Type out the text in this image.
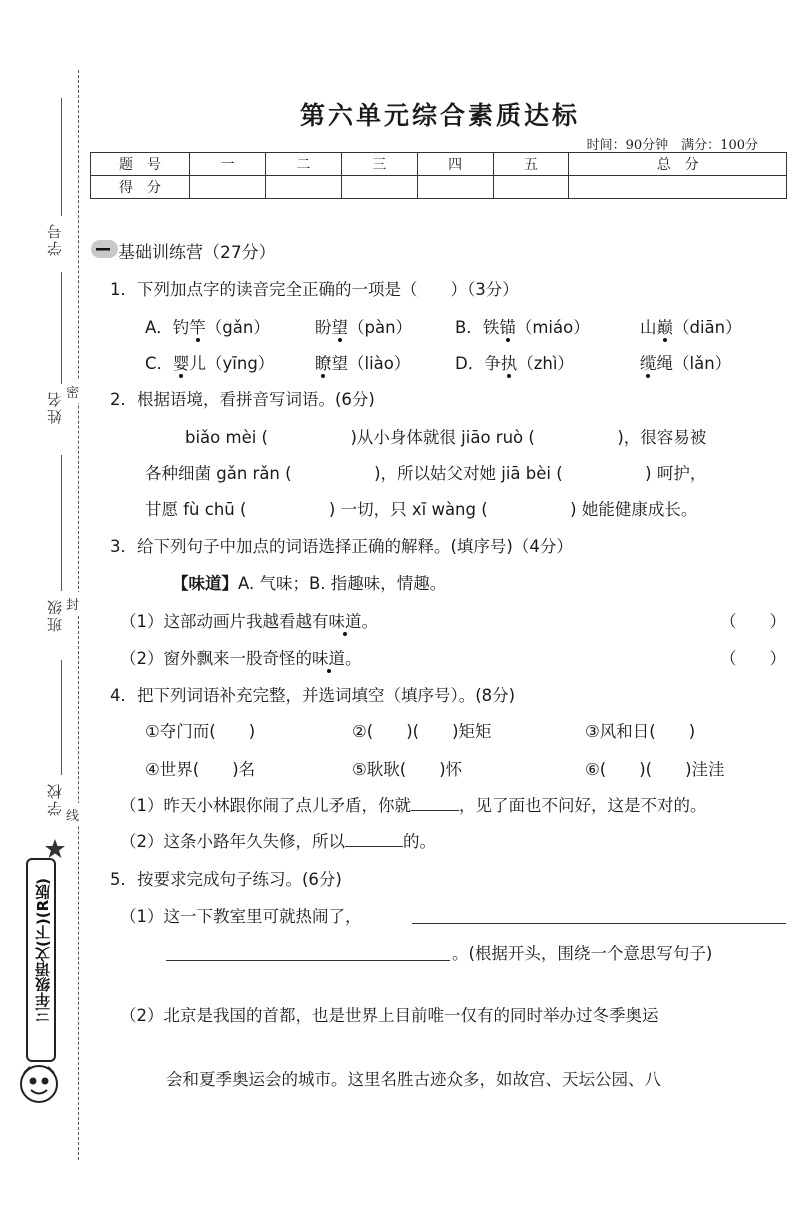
学号
姓名 密
班级 封
学校
线
三年级语文(下)(R版)
第六单元综合素质达标
时间：90分钟　满分：100分
题　号	一	二	三	四	五	总　分
得　分						
基础训练营（27分）
1．下列加点字的读音完全正确的一项是（　　）（3分）
A．钓竿（gǎn）	盼望（pàn）	B．铁锚（miáo）	山巅（diān）
C．婴儿（yīng） 瞭望（liào）	D．争执（zhì）	缆绳（lǎn）
2．根据语境，看拼音写词语。(6分)
biǎo mèi (　　　　　)从小身体就很 jiāo ruò (　　　　　)，很容易被
各种细菌 gǎn rǎn (　　　　　)，所以姑父对她 jiā bèi (　　　　　) 呵护，
甘愿 fù chū (　　　　　) 一切，只 xī wàng (　　　　　) 她能健康成长。
3．给下列句子中加点的词语选择正确的解释。(填序号)（4分）
【味道】A. 气味；B. 指趣味，情趣。
（1）这部动画片我越看越有味道。	（　　）
（2）窗外飘来一股奇怪的味道。	（　　）
4．把下列词语补充完整，并选词填空（填序号）。(8分)
①夺门而(　　)	②(　　)(　　)矩矩	③风和日(　　)
④世界(　　)名	⑤耿耿(　　)怀	⑥(　　)(　　)洼洼
（1）昨天小林跟你闹了点儿矛盾，你就	，见了面也不问好，这是不对的。
（2）这条小路年久失修，所以	的。
5．按要求完成句子练习。(6分)
（1）这一下教室里可就热闹了，
。(根据开头，围绕一个意思写句子)
（2）北京是我国的首都，也是世界上目前唯一仅有的同时举办过冬季奥运
会和夏季奥运会的城市。这里名胜古迹众多，如故宫、天坛公园、八
